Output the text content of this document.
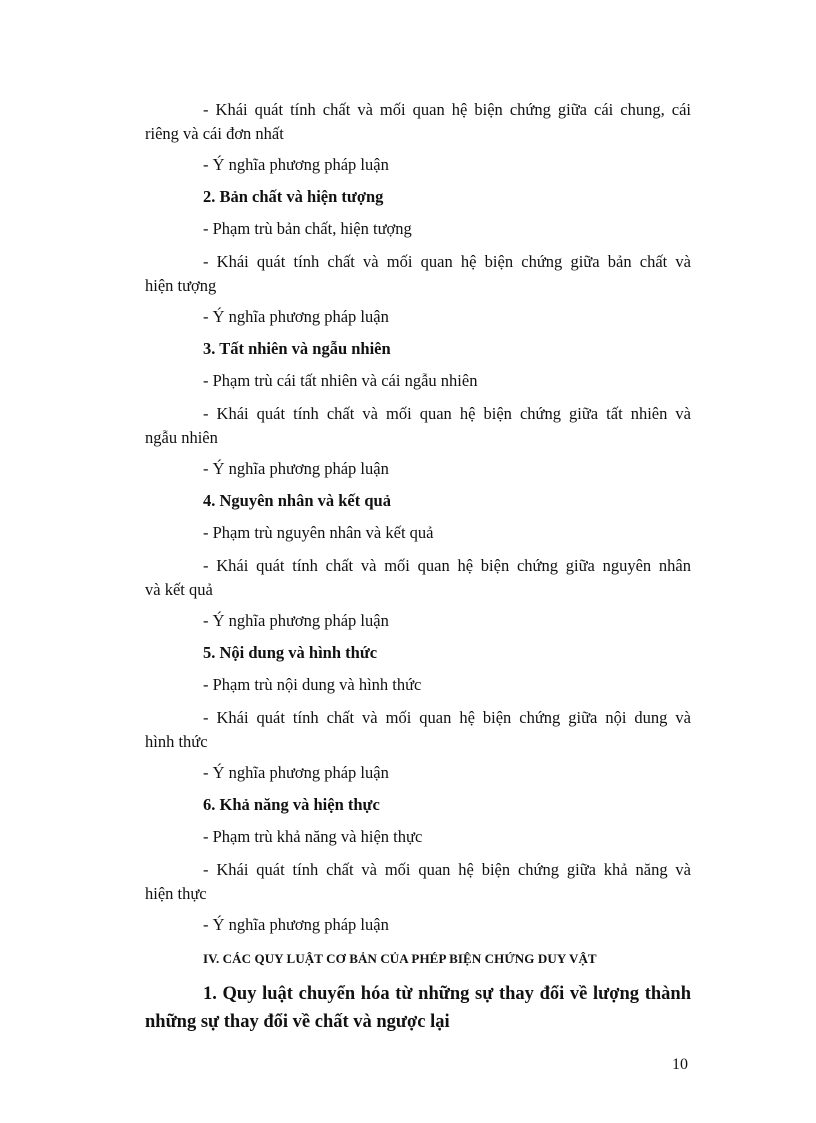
- Khái quát tính chất và mối quan hệ biện chứng giữa cái chung, cái
riêng và cái đơn nhất

- Ý nghĩa phương pháp luận

2. Bản chất và hiện tượng

- Phạm trù bản chất, hiện tượng

- Khái quát tính chất và mối quan hệ biện chứng giữa bản chất và
hiện tượng

- Ý nghĩa phương pháp luận

3. Tất nhiên và ngẫu nhiên

- Phạm trù cái tất nhiên và cái ngẫu nhiên

- Khái quát tính chất và mối quan hệ biện chứng giữa tất nhiên và
ngẫu nhiên

- Ý nghĩa phương pháp luận

4. Nguyên nhân và kết quả

- Phạm trù nguyên nhân và kết quả

- Khái quát tính chất và mối quan hệ biện chứng giữa nguyên nhân
và kết quả

- Ý nghĩa phương pháp luận

5. Nội dung và hình thức

- Phạm trù nội dung và hình thức

- Khái quát tính chất và mối quan hệ biện chứng giữa nội dung và
hình thức

- Ý nghĩa phương pháp luận

6. Khả năng và hiện thực

- Phạm trù khả năng và hiện thực

- Khái quát tính chất và mối quan hệ biện chứng giữa khả năng và
hiện thực

- Ý nghĩa phương pháp luận

IV. CÁC QUY LUẬT CƠ BẢN CỦA PHÉP BIỆN CHỨNG DUY VẬT

1. Quy luật chuyển hóa từ những sự thay đổi về lượng thành
những sự thay đổi về chất và ngược lại
10
